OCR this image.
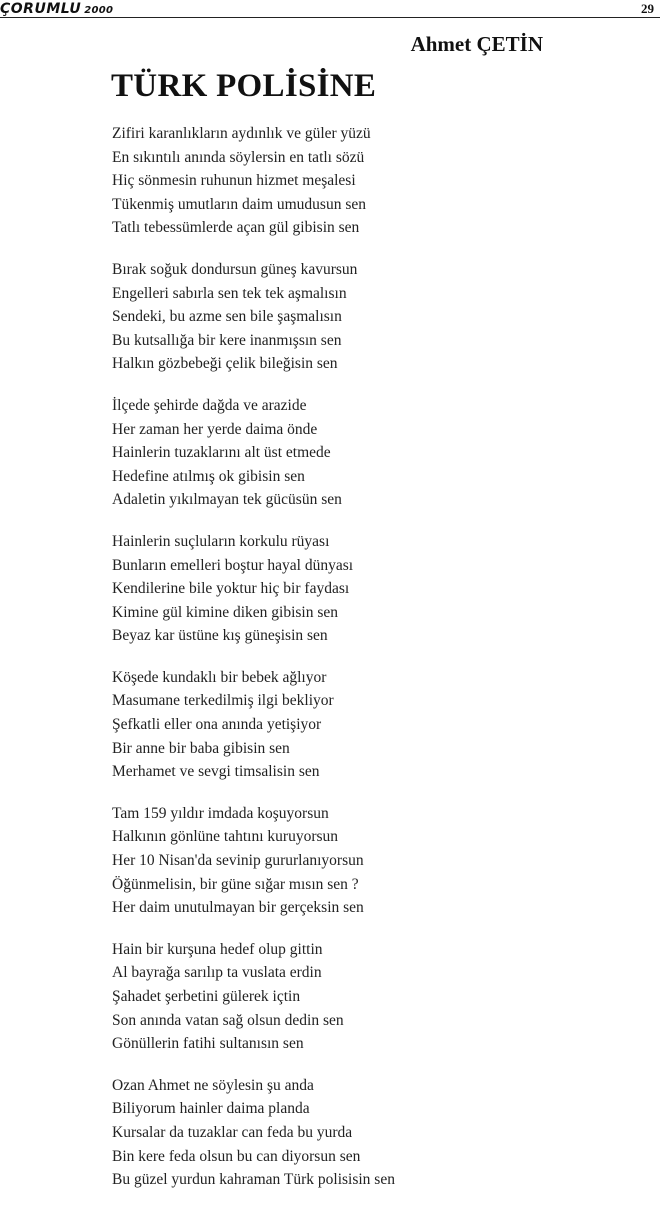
ÇORUMLU 2000	29
Ahmet ÇETİN
TÜRK POLİSİNE
Zifiri karanlıkların aydınlık ve güler yüzü
En sıkıntılı anında söylersin en tatlı sözü
Hiç sönmesin ruhunun hizmet meşalesi
Tükenmiş umutların daim umudusun sen
Tatlı tebessümlerde açan gül gibisin sen
Bırak soğuk dondursun güneş kavursun
Engelleri sabırla sen tek tek aşmalısın
Sendeki, bu azme sen bile şaşmalısın
Bu kutsallığa bir kere inanmışsın sen
Halkın gözbebeği çelik bileğisin sen
İlçede şehirde dağda ve arazide
Her zaman her yerde daima önde
Hainlerin tuzaklarını alt üst etmede
Hedefine atılmış ok gibisin sen
Adaletin yıkılmayan tek gücüsün sen
Hainlerin suçluların korkulu rüyası
Bunların emelleri boştur hayal dünyası
Kendilerine bile yoktur hiç bir faydası
Kimine gül kimine diken gibisin sen
Beyaz kar üstüne kış güneşisin sen
Köşede kundaklı bir bebek ağlıyor
Masumane terkedilmiş ilgi bekliyor
Şefkatli eller ona anında yetişiyor
Bir anne bir baba gibisin sen
Merhamet ve sevgi timsalisin sen
Tam 159 yıldır imdada koşuyorsun
Halkının gönlüne tahtını kuruyorsun
Her 10 Nisan'da sevinip gururlanıyorsun
Öğünmelisin, bir güne sığar mısın sen ?
Her daim unutulmayan bir gerçeksin sen
Hain bir kurşuna hedef olup gittin
Al bayrağa sarılıp ta vuslata erdin
Şahadet şerbetini gülerek içtin
Son anında vatan sağ olsun dedin sen
Gönüllerin fatihi sultanısın sen
Ozan Ahmet ne söylesin şu anda
Biliyorum hainler daima planda
Kursalar da tuzaklar can feda bu yurda
Bin kere feda olsun bu can diyorsun sen
Bu güzel yurdun kahraman Türk polisisin sen
